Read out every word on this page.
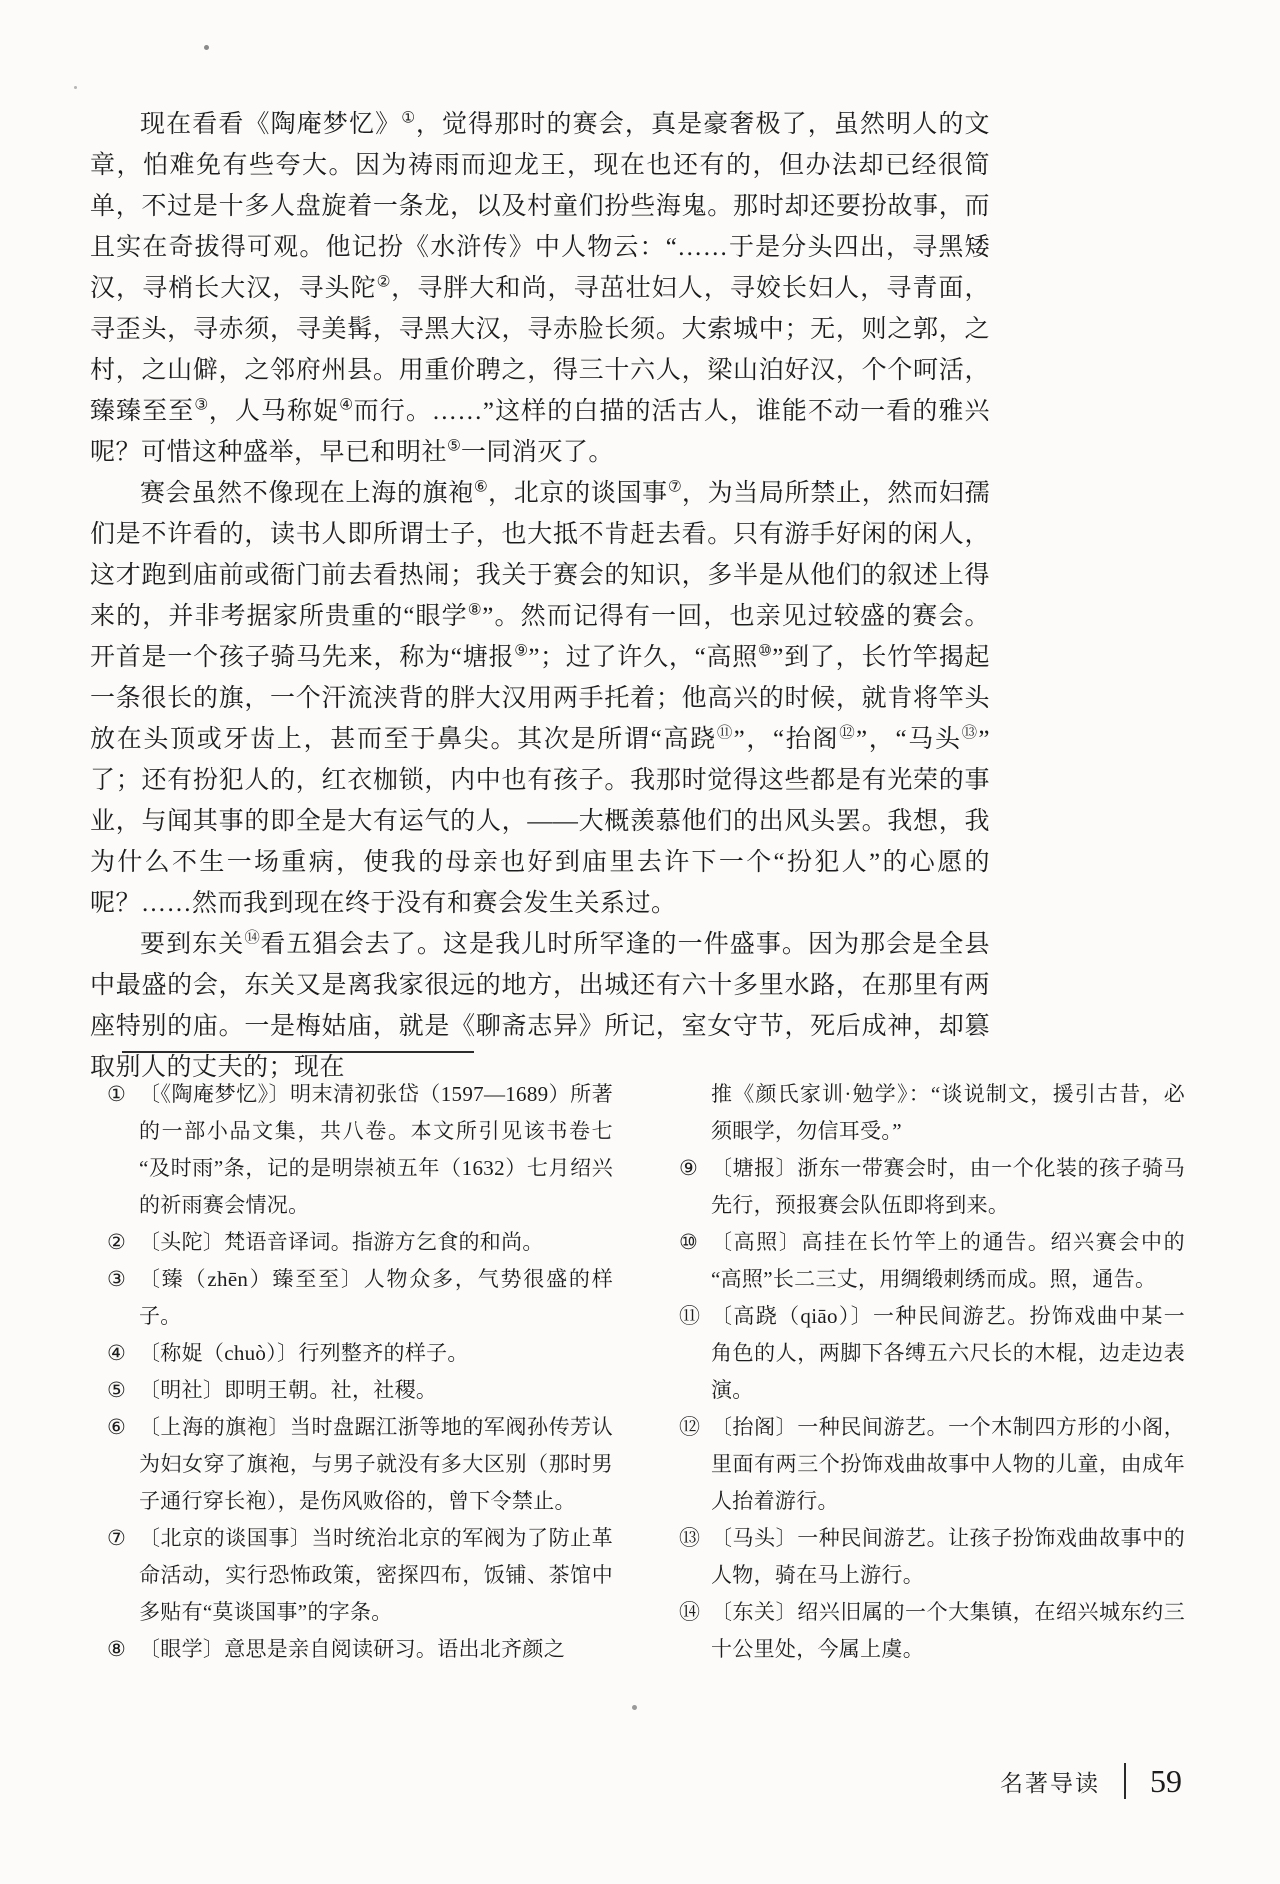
现在看看《陶庵梦忆》①，觉得那时的赛会，真是豪奢极了，虽然明人的文章，怕难免有些夸大。因为祷雨而迎龙王，现在也还有的，但办法却已经很简单，不过是十多人盘旋着一条龙，以及村童们扮些海鬼。那时却还要扮故事，而且实在奇拔得可观。他记扮《水浒传》中人物云：“……于是分头四出，寻黑矮汉，寻梢长大汉，寻头陀②，寻胖大和尚，寻茁壮妇人，寻姣长妇人，寻青面，寻歪头，寻赤须，寻美髯，寻黑大汉，寻赤脸长须。大索城中；无，则之郭，之村，之山僻，之邻府州县。用重价聘之，得三十六人，梁山泊好汉，个个呵活，臻臻至至③，人马称娖④而行。……”这样的白描的活古人，谁能不动一看的雅兴呢？可惜这种盛举，早已和明社⑤一同消灭了。

赛会虽然不像现在上海的旗袍⑥，北京的谈国事⑦，为当局所禁止，然而妇孺们是不许看的，读书人即所谓士子，也大抵不肯赶去看。只有游手好闲的闲人，这才跑到庙前或衙门前去看热闹；我关于赛会的知识，多半是从他们的叙述上得来的，并非考据家所贵重的“眼学⑧”。然而记得有一回，也亲见过较盛的赛会。开首是一个孩子骑马先来，称为“塘报⑨”；过了许久，“高照⑩”到了，长竹竿揭起一条很长的旗，一个汗流浃背的胖大汉用两手托着；他高兴的时候，就肯将竿头放在头顶或牙齿上，甚而至于鼻尖。其次是所谓“高跷⑪”，“抬阁⑫”，“马头⑬”了；还有扮犯人的，红衣枷锁，内中也有孩子。我那时觉得这些都是有光荣的事业，与闻其事的即全是大有运气的人，——大概羡慕他们的出风头罢。我想，我为什么不生一场重病，使我的母亲也好到庙里去许下一个“扮犯人”的心愿的呢？……然而我到现在终于没有和赛会发生关系过。

要到东关⑭看五猖会去了。这是我儿时所罕逢的一件盛事。因为那会是全县中最盛的会，东关又是离我家很远的地方，出城还有六十多里水路，在那里有两座特别的庙。一是梅姑庙，就是《聊斋志异》所记，室女守节，死后成神，却篡取别人的丈夫的；现在

① 〔《陶庵梦忆》〕明末清初张岱（1597—1689）所著的一部小品文集，共八卷。本文所引见该书卷七“及时雨”条，记的是明崇祯五年（1632）七月绍兴的祈雨赛会情况。
② 〔头陀〕梵语音译词。指游方乞食的和尚。
③ 〔臻（zhēn）臻至至〕人物众多，气势很盛的样子。
④ 〔称娖（chuò）〕行列整齐的样子。
⑤ 〔明社〕即明王朝。社，社稷。
⑥ 〔上海的旗袍〕当时盘踞江浙等地的军阀孙传芳认为妇女穿了旗袍，与男子就没有多大区别（那时男子通行穿长袍），是伤风败俗的，曾下令禁止。
⑦ 〔北京的谈国事〕当时统治北京的军阀为了防止革命活动，实行恐怖政策，密探四布，饭铺、茶馆中多贴有“莫谈国事”的字条。
⑧ 〔眼学〕意思是亲自阅读研习。语出北齐颜之
推《颜氏家训·勉学》：“谈说制文，援引古昔，必须眼学，勿信耳受。”
⑨ 〔塘报〕浙东一带赛会时，由一个化装的孩子骑马先行，预报赛会队伍即将到来。
⑩ 〔高照〕高挂在长竹竿上的通告。绍兴赛会中的“高照”长二三丈，用绸缎刺绣而成。照，通告。
⑪ 〔高跷（qiāo）〕一种民间游艺。扮饰戏曲中某一角色的人，两脚下各缚五六尺长的木棍，边走边表演。
⑫ 〔抬阁〕一种民间游艺。一个木制四方形的小阁，里面有两三个扮饰戏曲故事中人物的儿童，由成年人抬着游行。
⑬ 〔马头〕一种民间游艺。让孩子扮饰戏曲故事中的人物，骑在马上游行。
⑭ 〔东关〕绍兴旧属的一个大集镇，在绍兴城东约三十公里处，今属上虞。
名著导读 59
